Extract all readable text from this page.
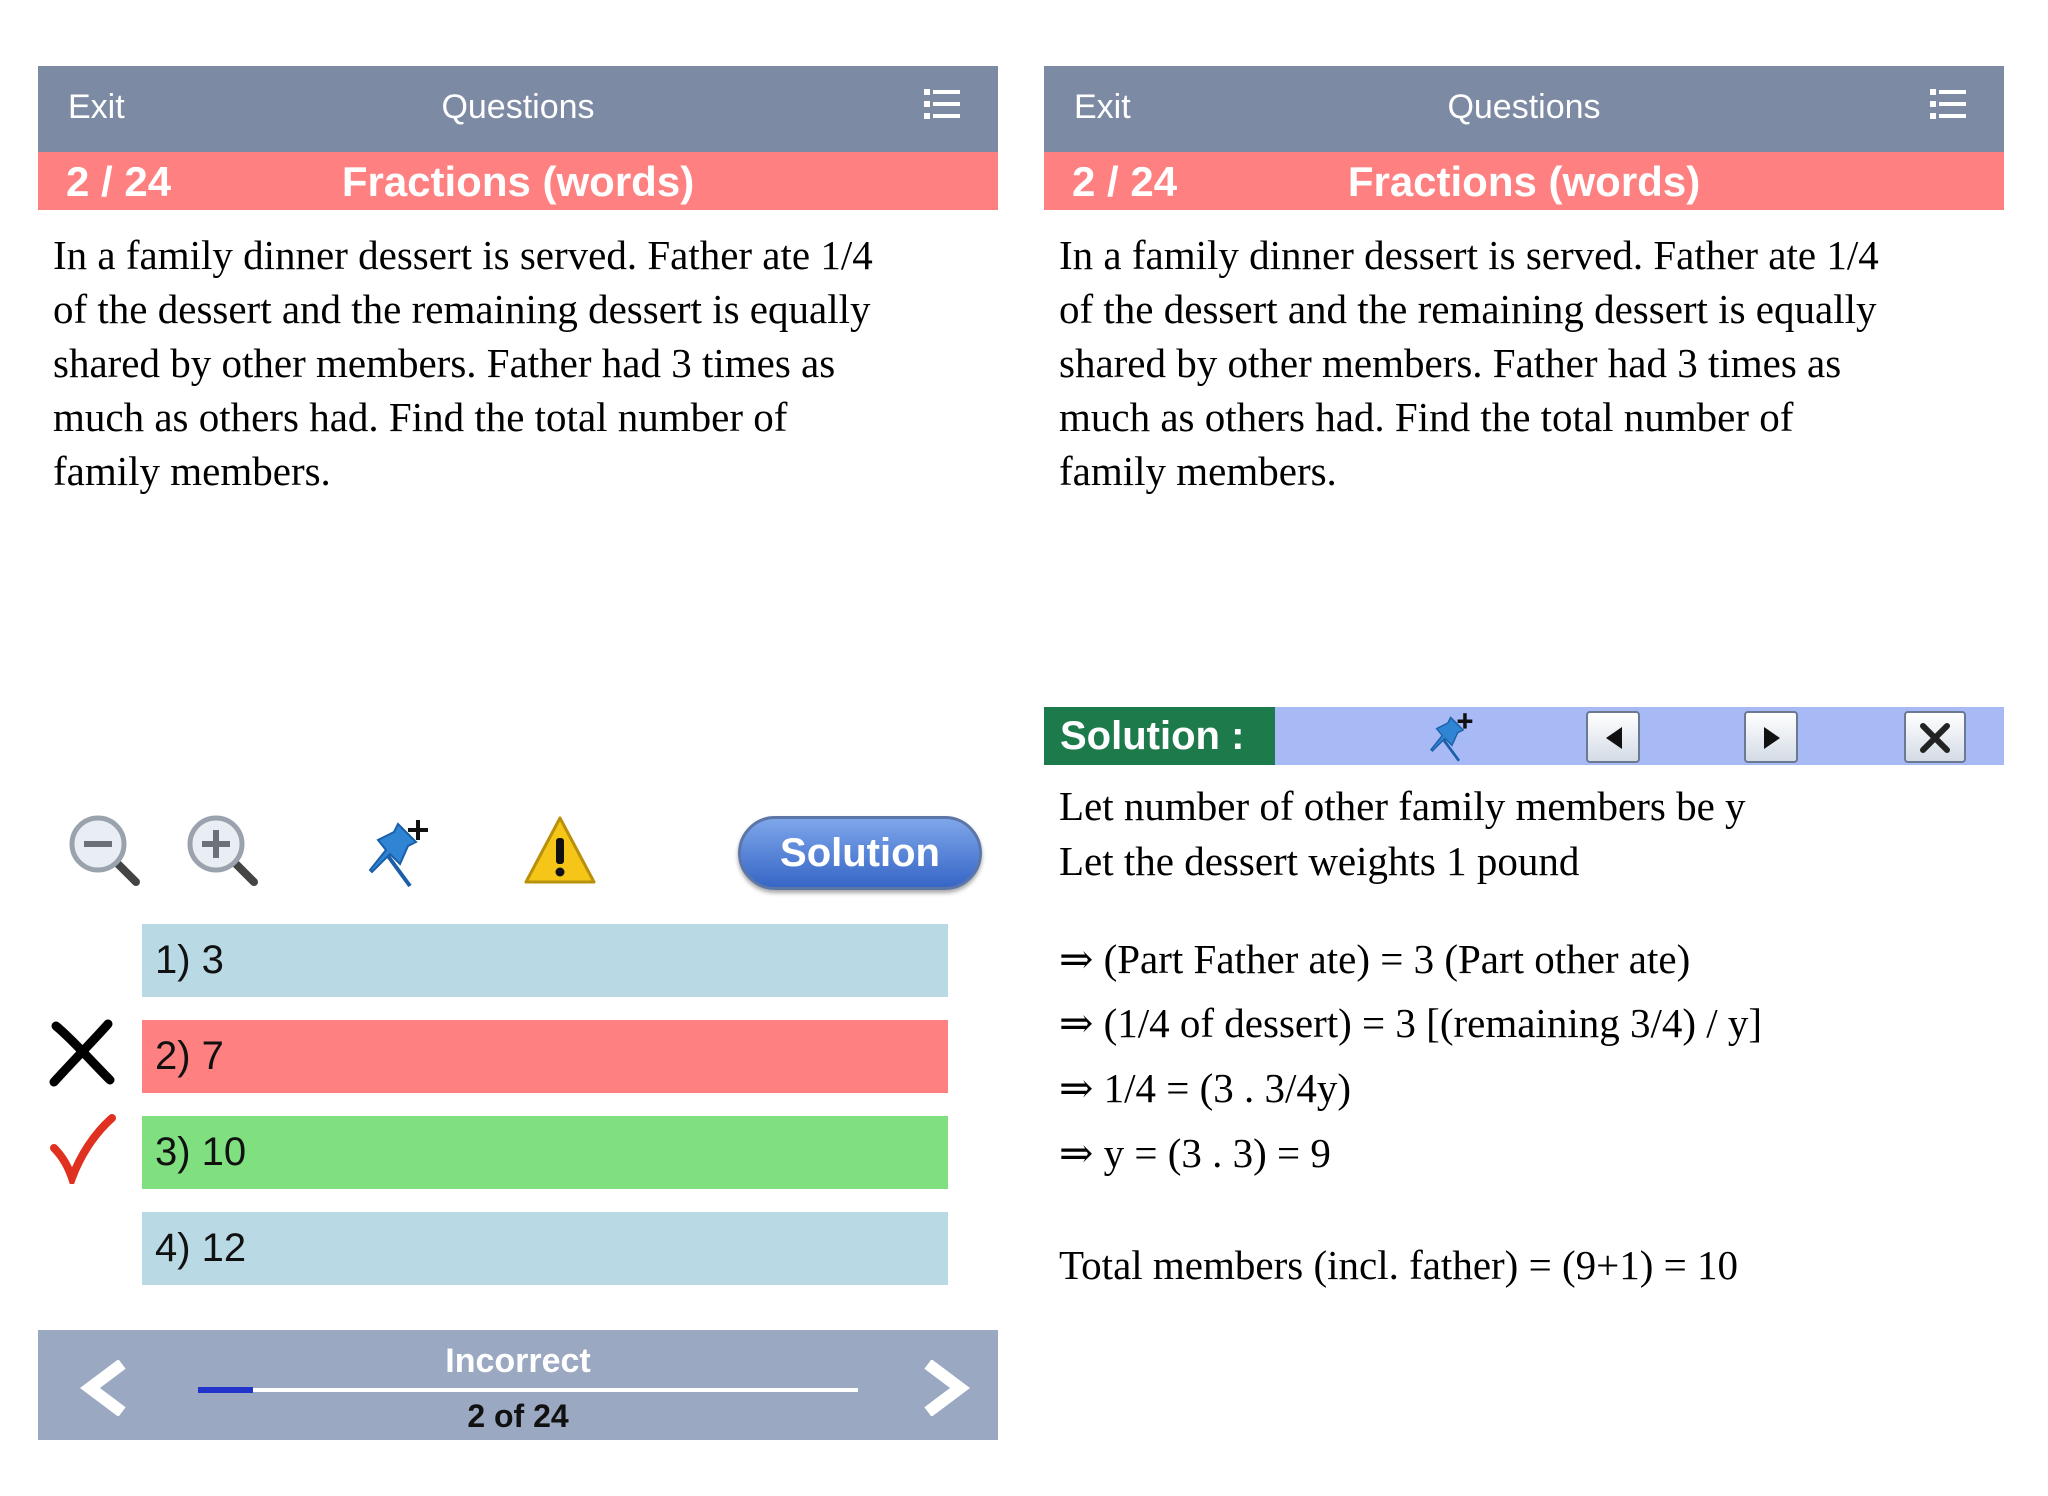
Exit	Questions
2 / 24	Fractions (words)
In a family dinner dessert is served. Father ate 1/4
of the dessert and the remaining dessert is equally
shared by other members. Father had 3 times as
much as others had. Find the total number of
family members.
Solution
1) 3
2) 7
3) 10
4) 12
Incorrect
2 of 24
Exit	Questions
2 / 24	Fractions (words)
In a family dinner dessert is served. Father ate 1/4
of the dessert and the remaining dessert is equally
shared by other members. Father had 3 times as
much as others had. Find the total number of
family members.
Solution :
Let number of other family members be y
Let the dessert weights 1 pound
⇒ (Part Father ate) = 3 (Part other ate)
⇒ (1/4 of dessert) = 3 [(remaining 3/4) / y]
⇒ 1/4 = (3 . 3/4y)
⇒ y = (3 . 3) = 9
Total members (incl. father) = (9+1) = 10
